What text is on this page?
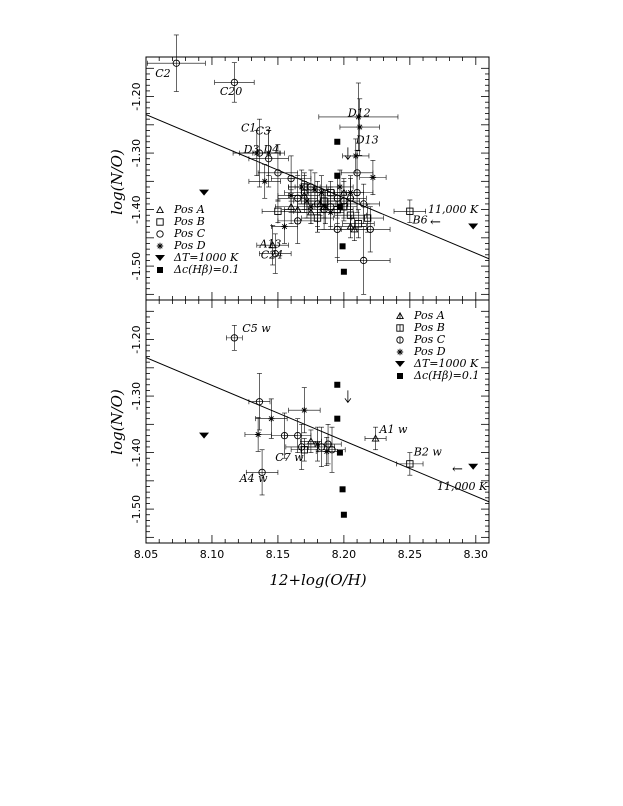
log(N/O)
log(N/O)
12+log(O/H)
-1.20
-1.30
-1.40
-1.50
C2
C20
C1 C3
D12
D13
D3 D4
B6
A13
C24
Pos A
Pos B
Pos C
Pos D
ΔT=1000 K
Δc(Hβ)=0.1
11,000 K
←
-1.20
-1.30
-1.40
-1.50
8.05	8.10	8.15	8.20	8.25	8.30
C5 w
A1 w
B2 w
C7 w
A4 w
Pos A
Pos B
Pos C
Pos D
ΔT=1000 K
Δc(Hβ)=0.1
11,000 K
←
